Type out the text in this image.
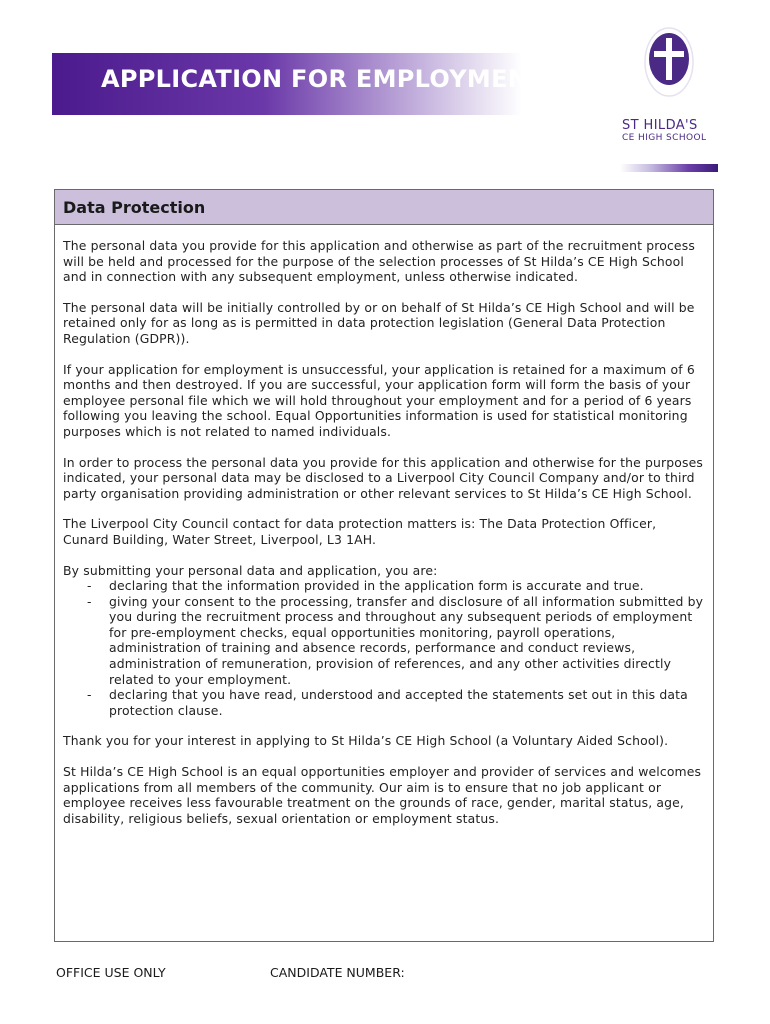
APPLICATION FOR EMPLOYMENT
ST HILDA'S
CE HIGH SCHOOL
Data Protection

The personal data you provide for this application and otherwise as part of the recruitment process will be held and processed for the purpose of the selection processes of St Hilda’s CE High School and in connection with any subsequent employment, unless otherwise indicated.

The personal data will be initially controlled by or on behalf of St Hilda’s CE High School and will be retained only for as long as is permitted in data protection legislation (General Data Protection Regulation (GDPR)).

If your application for employment is unsuccessful, your application is retained for a maximum of 6 months and then destroyed. If you are successful, your application form will form the basis of your employee personal file which we will hold throughout your employment and for a period of 6 years following you leaving the school. Equal Opportunities information is used for statistical monitoring purposes which is not related to named individuals.

In order to process the personal data you provide for this application and otherwise for the purposes indicated, your personal data may be disclosed to a Liverpool City Council Company and/or to third party organisation providing administration or other relevant services to St Hilda’s CE High School.

The Liverpool City Council contact for data protection matters is: The Data Protection Officer, Cunard Building, Water Street, Liverpool, L3 1AH.

By submitting your personal data and application, you are:

- declaring that the information provided in the application form is accurate and true.
- giving your consent to the processing, transfer and disclosure of all information submitted by you during the recruitment process and throughout any subsequent periods of employment for pre-employment checks, equal opportunities monitoring, payroll operations, administration of training and absence records, performance and conduct reviews, administration of remuneration, provision of references, and any other activities directly related to your employment.
- declaring that you have read, understood and accepted the statements set out in this data protection clause.

Thank you for your interest in applying to St Hilda’s CE High School (a Voluntary Aided School).

St Hilda’s CE High School is an equal opportunities employer and provider of services and welcomes applications from all members of the community. Our aim is to ensure that no job applicant or employee receives less favourable treatment on the grounds of race, gender, marital status, age, disability, religious beliefs, sexual orientation or employment status.

OFFICE USE ONLY	CANDIDATE NUMBER:
